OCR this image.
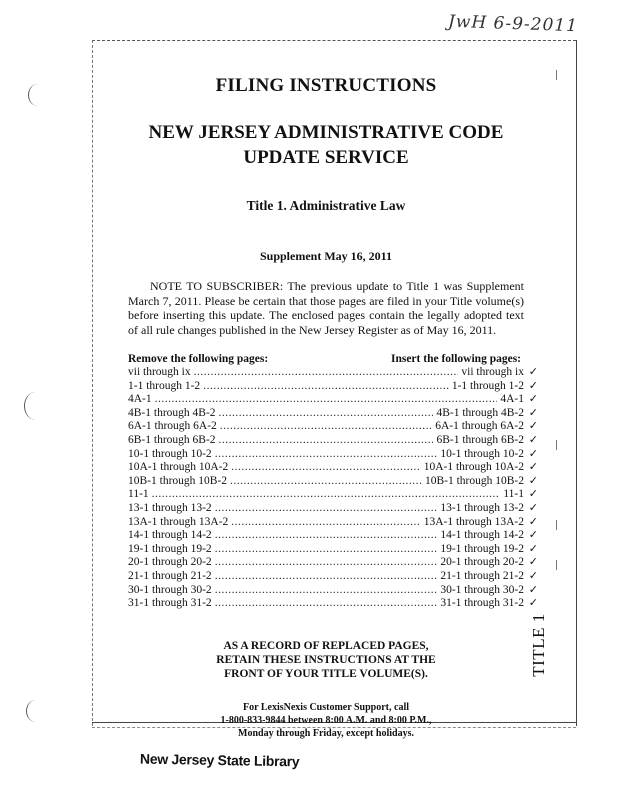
JwH 6-9-2011
FILING INSTRUCTIONS
NEW JERSEY ADMINISTRATIVE CODE
UPDATE SERVICE
Title 1. Administrative Law
Supplement May 16, 2011
NOTE TO SUBSCRIBER: The previous update to Title 1 was Supplement March 7, 2011. Please be certain that those pages are filed in your Title volume(s) before inserting this update. The enclosed pages contain the legally adopted text of all rule changes published in the New Jersey Register as of May 16, 2011.
Remove the following pages:	Insert the following pages:
vii through ix .....	vii through ix ✓
1-1 through 1-2 .....	1-1 through 1-2 ✓
4A-1 .....	4A-1 ✓
4B-1 through 4B-2 .....	4B-1 through 4B-2 ✓
6A-1 through 6A-2 .....	6A-1 through 6A-2 ✓
6B-1 through 6B-2 .....	6B-1 through 6B-2 ✓
10-1 through 10-2 .....	10-1 through 10-2 ✓
10A-1 through 10A-2 .....	10A-1 through 10A-2 ✓
10B-1 through 10B-2 .....	10B-1 through 10B-2 ✓
11-1 .....	11-1 ✓
13-1 through 13-2 .....	13-1 through 13-2 ✓
13A-1 through 13A-2 .....	13A-1 through 13A-2 ✓
14-1 through 14-2 .....	14-1 through 14-2 ✓
19-1 through 19-2 .....	19-1 through 19-2 ✓
20-1 through 20-2 .....	20-1 through 20-2 ✓
21-1 through 21-2 .....	21-1 through 21-2 ✓
30-1 through 30-2 .....	30-1 through 30-2 ✓
31-1 through 31-2 .....	31-1 through 31-2 ✓
AS A RECORD OF REPLACED PAGES,
RETAIN THESE INSTRUCTIONS AT THE
FRONT OF YOUR TITLE VOLUME(S).
For LexisNexis Customer Support, call
1-800-833-9844 between 8:00 A.M. and 8:00 P.M.,
Monday through Friday, except holidays.
TITLE 1
New Jersey State Library
